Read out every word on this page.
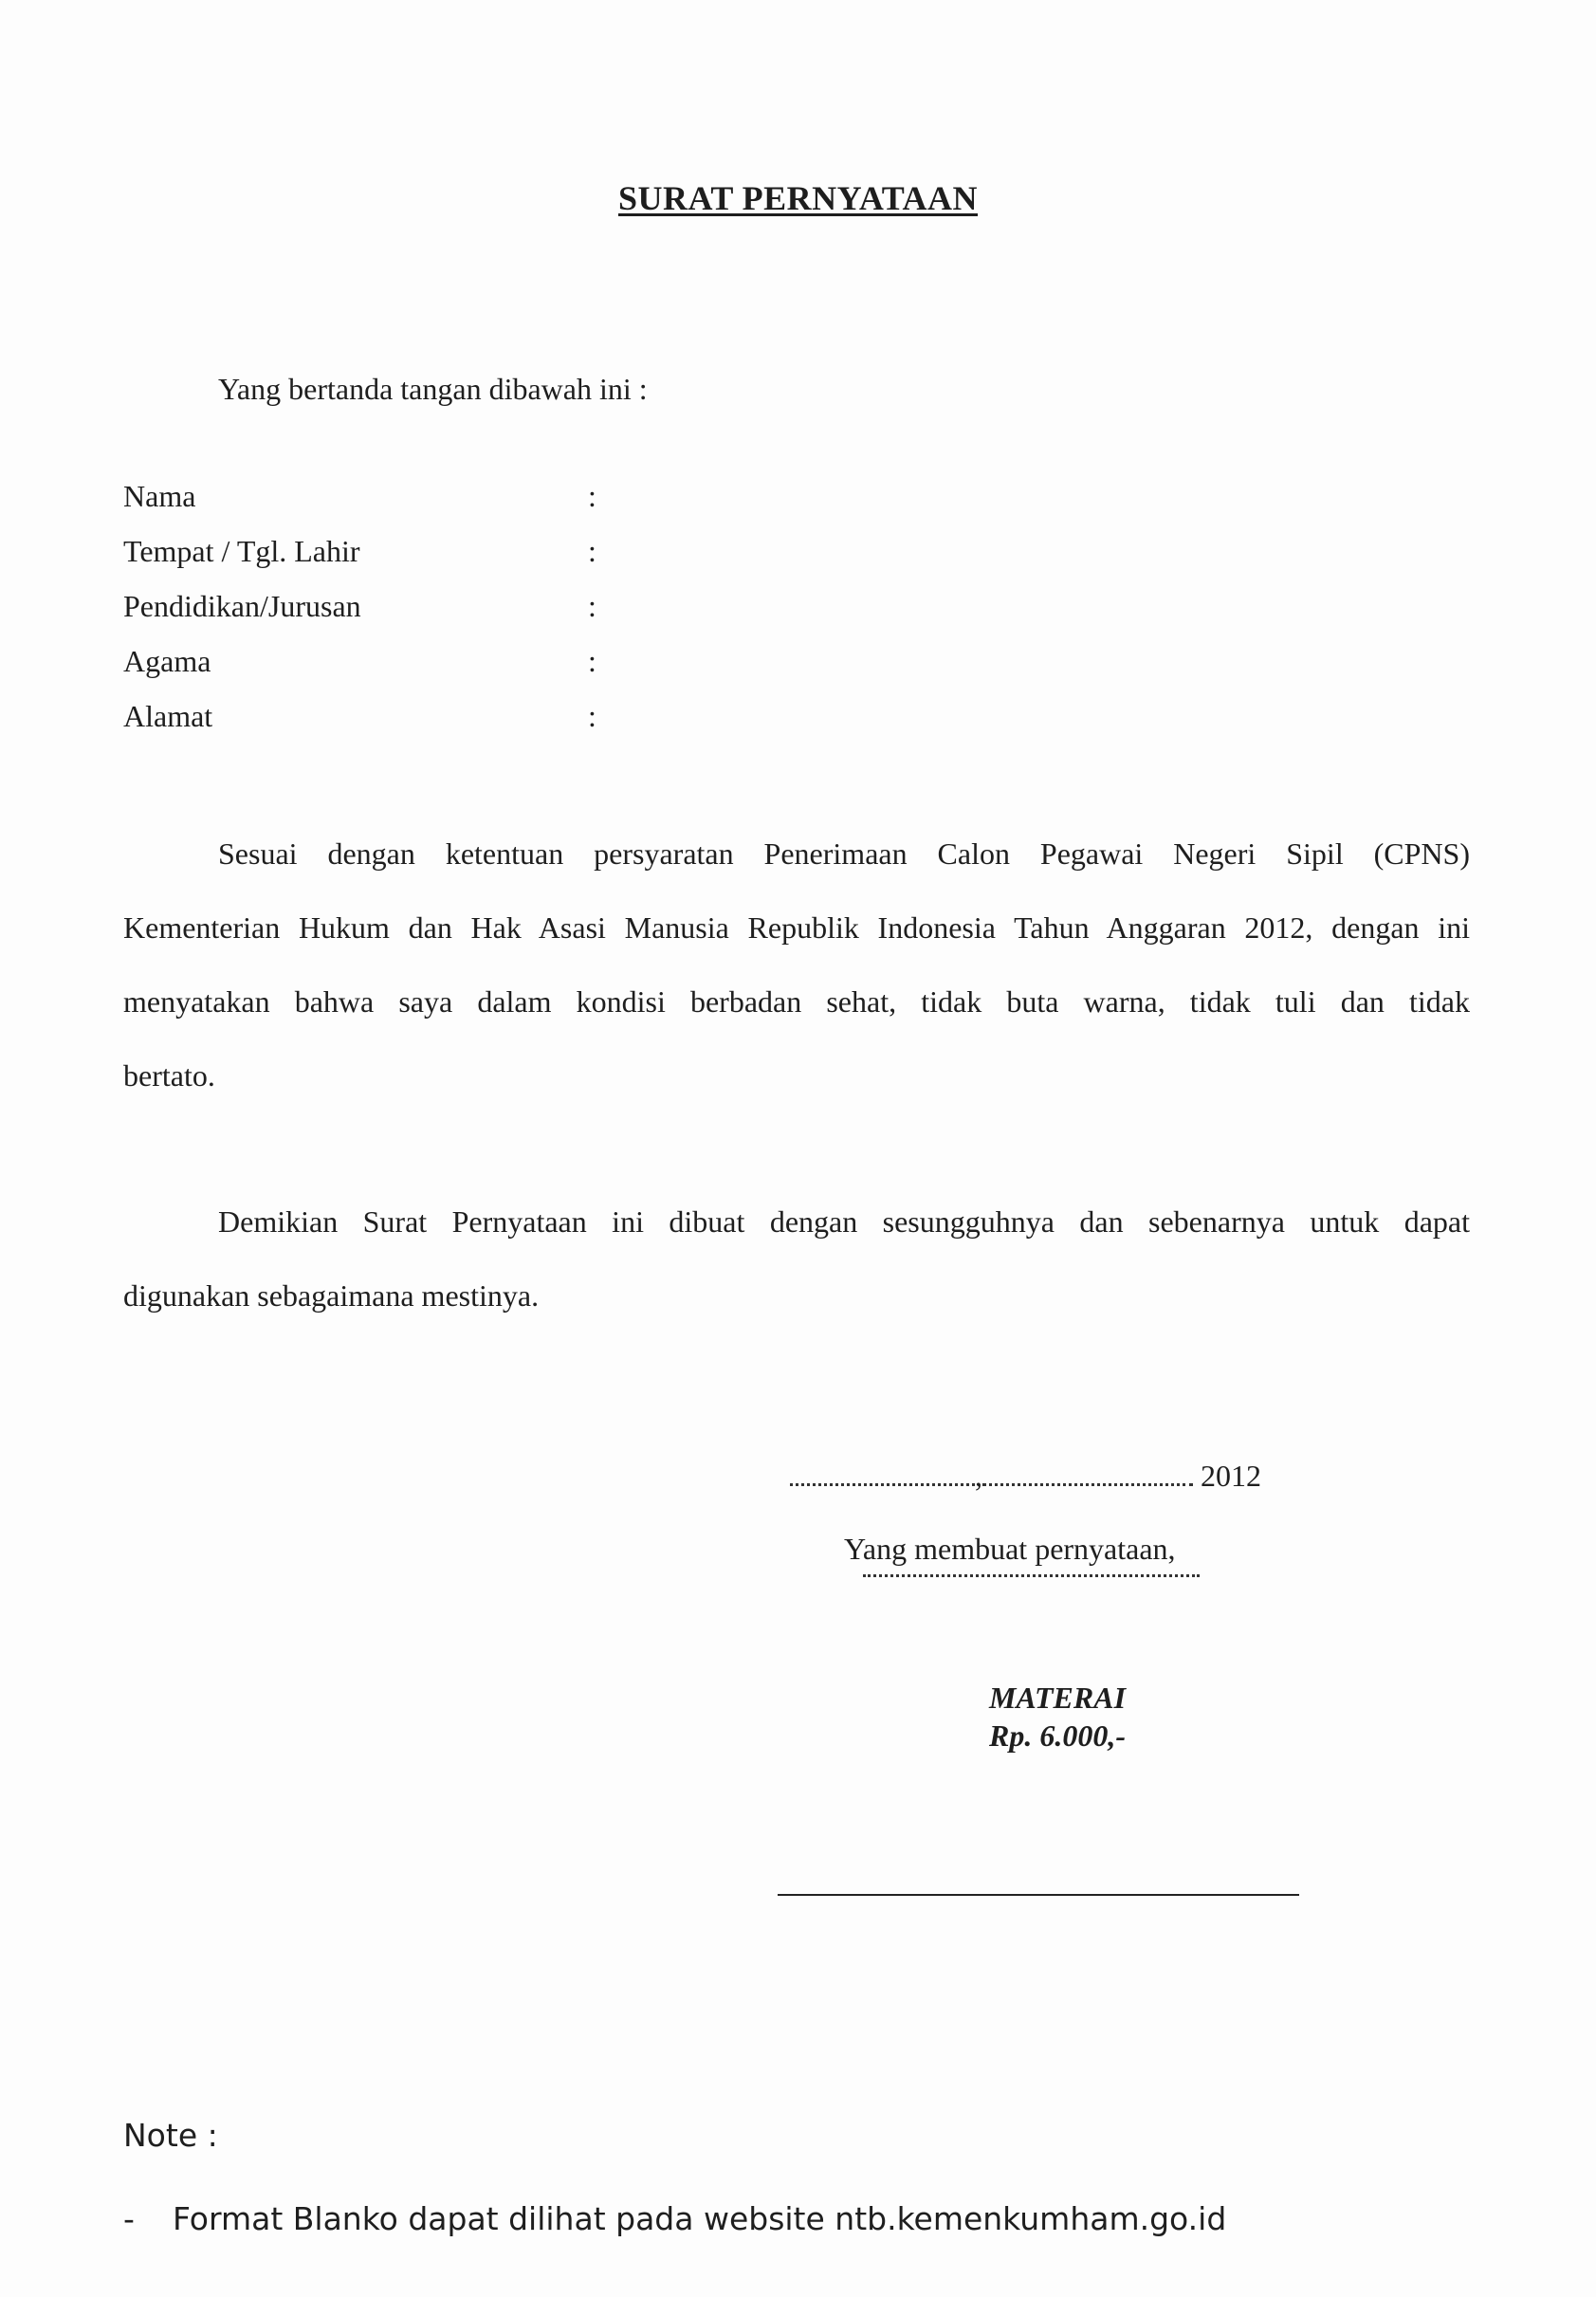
SURAT PERNYATAAN
Yang bertanda tangan dibawah ini :
Nama	:
Tempat / Tgl. Lahir	:
Pendidikan/Jurusan	:
Agama	:
Alamat	:
Sesuai dengan ketentuan persyaratan Penerimaan Calon Pegawai Negeri Sipil (CPNS)
Kementerian Hukum dan Hak Asasi Manusia Republik Indonesia Tahun Anggaran 2012, dengan ini
menyatakan bahwa saya dalam kondisi berbadan sehat, tidak buta warna, tidak tuli dan tidak
bertato.
Demikian Surat Pernyataan ini dibuat dengan sesungguhnya dan sebenarnya untuk dapat
digunakan sebagaimana mestinya.
,	2012
Yang membuat pernyataan,
MATERAI
Rp. 6.000,-
Note :
- Format Blanko dapat dilihat pada website ntb.kemenkumham.go.id
